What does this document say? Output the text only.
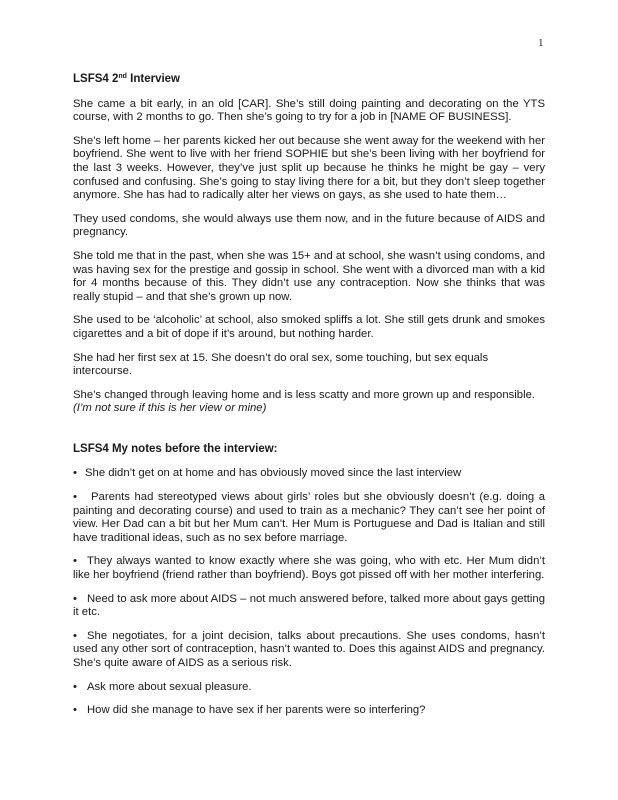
1
LSFS4 2nd Interview

She came a bit early, in an old [CAR]. She’s still doing painting and decorating on the YTS course, with 2 months to go. Then she’s going to try for a job in [NAME OF BUSINESS].

She’s left home – her parents kicked her out because she went away for the weekend with her boyfriend. She went to live with her friend SOPHIE but she’s been living with her boyfriend for the last 3 weeks. However, they’ve just split up because he thinks he might be gay – very confused and confusing. She’s going to stay living there for a bit, but they don’t sleep together anymore. She has had to radically alter her views on gays, as she used to hate them…

They used condoms, she would always use them now, and in the future because of AIDS and pregnancy.

She told me that in the past, when she was 15+ and at school, she wasn’t using condoms, and was having sex for the prestige and gossip in school. She went with a divorced man with a kid for 4 months because of this. They didn’t use any contraception. Now she thinks that was really stupid – and that she’s grown up now.

She used to be ‘alcoholic’ at school, also smoked spliffs a lot. She still gets drunk and smokes cigarettes and a bit of dope if it’s around, but nothing harder.

She had her first sex at 15. She doesn’t do oral sex, some touching, but sex equals intercourse.

She’s changed through leaving home and is less scatty and more grown up and responsible.
(I’m not sure if this is her view or mine)

LSFS4 My notes before the interview:

• She didn’t get on at home and has obviously moved since the last interview

• Parents had stereotyped views about girls’ roles but she obviously doesn’t (e.g. doing a painting and decorating course) and used to train as a mechanic? They can’t see her point of view. Her Dad can a bit but her Mum can’t. Her Mum is Portuguese and Dad is Italian and still have traditional ideas, such as no sex before marriage.

• They always wanted to know exactly where she was going, who with etc. Her Mum didn’t like her boyfriend (friend rather than boyfriend). Boys got pissed off with her mother interfering.

• Need to ask more about AIDS – not much answered before, talked more about gays getting it etc.

• She negotiates, for a joint decision, talks about precautions. She uses condoms, hasn’t used any other sort of contraception, hasn’t wanted to. Does this against AIDS and pregnancy. She’s quite aware of AIDS as a serious risk.

• Ask more about sexual pleasure.

• How did she manage to have sex if her parents were so interfering?
